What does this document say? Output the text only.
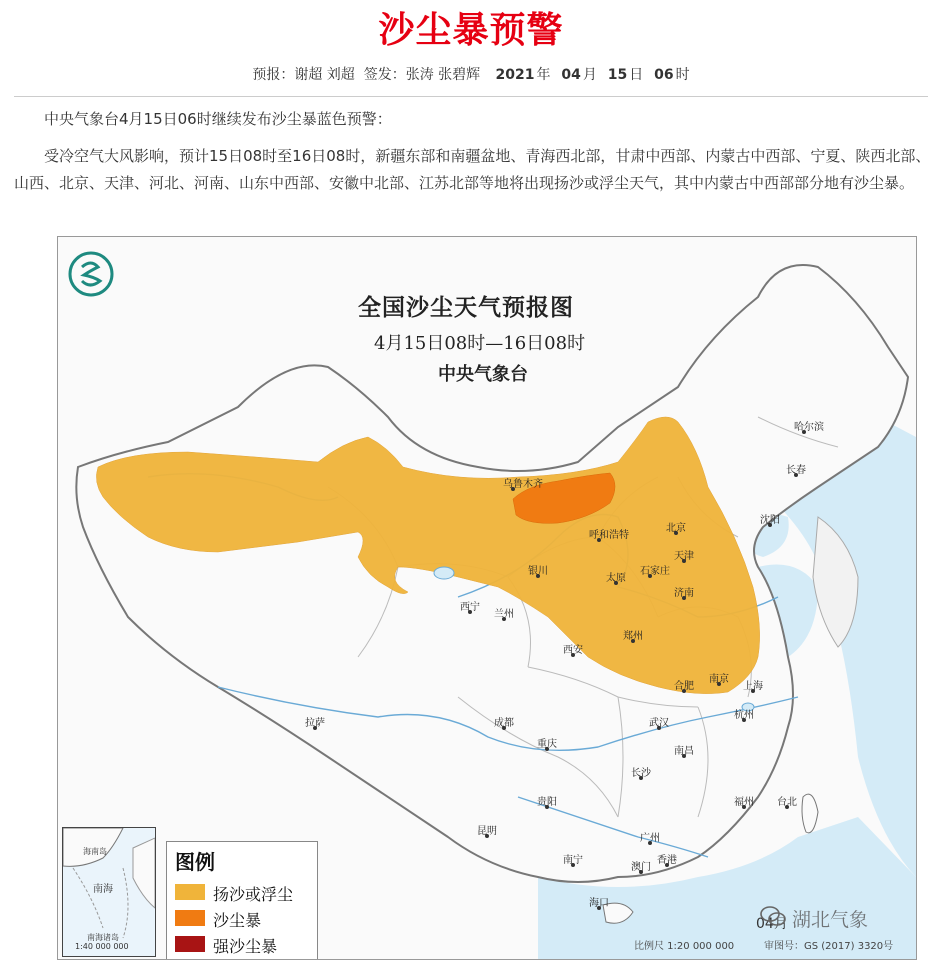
沙尘暴预警
预报：谢超 刘超 签发：张涛 张碧辉 2021 年 04 月 15 日 06 时
中央气象台4月15日06时继续发布沙尘暴蓝色预警：
受冷空气大风影响，预计15日08时至16日08时，新疆东部和南疆盆地、青海西北部，甘肃中西部、内蒙古中西部、宁夏、陕西北部、山西、北京、天津、河北、河南、山东中西部、安徽中北部、江苏北部等地将出现扬沙或浮尘天气，其中内蒙古中西部部分地有沙尘暴。
全国沙尘天气预报图
4月15日08时—16日08时
中央气象台
乌鲁木齐
哈尔滨
长春
沈阳
呼和浩特
北京
天津
银川
太原
石家庄
济南
西宁
兰州
郑州
西安
合肥
南京
上海
拉萨	成都	武汉
杭州
重庆
南昌
长沙
贵阳	福州 台北
昆明
广州
南宁	香港
澳门
海口
海南岛
南海
南海诸岛
1:40 000 000
图例
扬沙或浮尘
沙尘暴
强沙尘暴
04月 湖北气象
比例尺 1:20 000 000	审图号：GS (2017) 3320号
